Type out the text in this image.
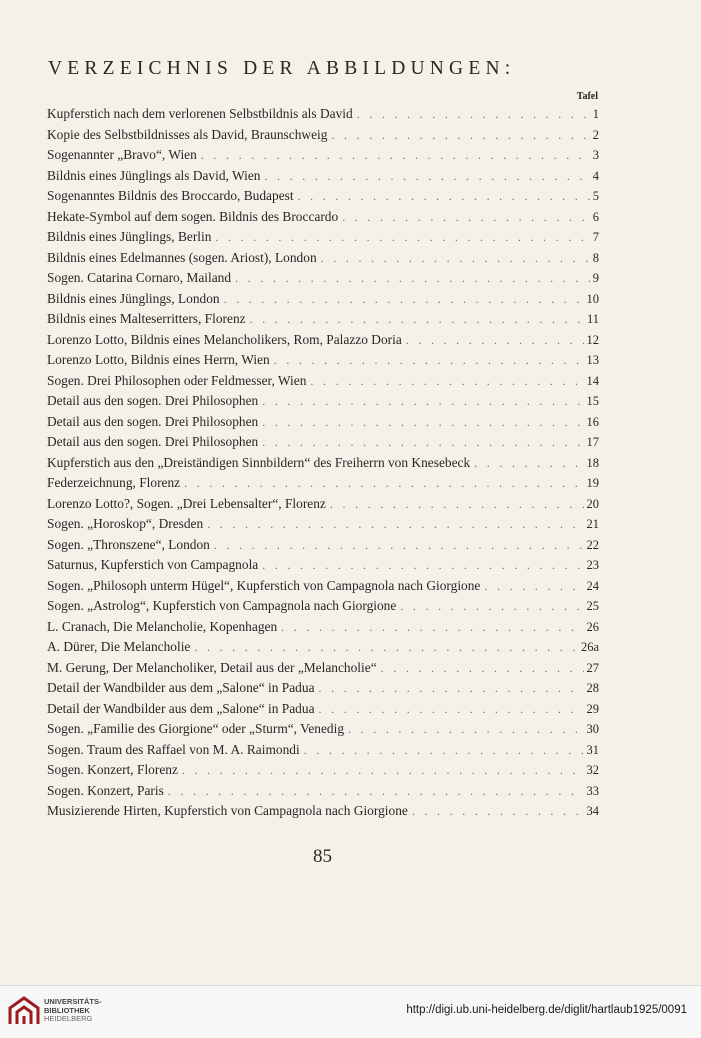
VERZEICHNIS DER ABBILDUNGEN:
Tafel
Kupferstich nach dem verlorenen Selbstbildnis als David . . .	1
Kopie des Selbstbildnisses als David, Braunschweig . . .	2
Sogenannter „Bravo“, Wien . . .	3
Bildnis eines Jünglings als David, Wien . . .	4
Sogenanntes Bildnis des Broccardo, Budapest . . .	5
Hekate-Symbol auf dem sogen. Bildnis des Broccardo . . .	6
Bildnis eines Jünglings, Berlin . . .	7
Bildnis eines Edelmannes (sogen. Ariost), London . . .	8
Sogen. Catarina Cornaro, Mailand . . .	9
Bildnis eines Jünglings, London . . .	10
Bildnis eines Malteserritters, Florenz . . .	11
Lorenzo Lotto, Bildnis eines Melancholikers, Rom, Palazzo Doria . . .	12
Lorenzo Lotto, Bildnis eines Herrn, Wien . . .	13
Sogen. Drei Philosophen oder Feldmesser, Wien . . .	14
Detail aus den sogen. Drei Philosophen . . .	15
Detail aus den sogen. Drei Philosophen . . .	16
Detail aus den sogen. Drei Philosophen . . .	17
Kupferstich aus den „Dreiständigen Sinnbildern“ des Freiherrn von Knesebeck . . .	18
Federzeichnung, Florenz . . .	19
Lorenzo Lotto?, Sogen. „Drei Lebensalter“, Florenz . . .	20
Sogen. „Horoskop“, Dresden . . .	21
Sogen. „Thronszene“, London . . .	22
Saturnus, Kupferstich von Campagnola . . .	23
Sogen. „Philosoph unterm Hügel“, Kupferstich von Campagnola nach Giorgione . . .	24
Sogen. „Astrolog“, Kupferstich von Campagnola nach Giorgione . . .	25
L. Cranach, Die Melancholie, Kopenhagen . . .	26
A. Dürer, Die Melancholie . . .	26a
M. Gerung, Der Melancholiker, Detail aus der „Melancholie“ . . .	27
Detail der Wandbilder aus dem „Salone“ in Padua . . .	28
Detail der Wandbilder aus dem „Salone“ in Padua . . .	29
Sogen. „Familie des Giorgione“ oder „Sturm“, Venedig . . .	30
Sogen. Traum des Raffael von M. A. Raimondi . . .	31
Sogen. Konzert, Florenz . . .	32
Sogen. Konzert, Paris . . .	33
Musizierende Hirten, Kupferstich von Campagnola nach Giorgione . . .	34
85
UNIVERSITÄTS-
BIBLIOTHEK
HEIDELBERG
http://digi.ub.uni-heidelberg.de/diglit/hartlaub1925/0091
